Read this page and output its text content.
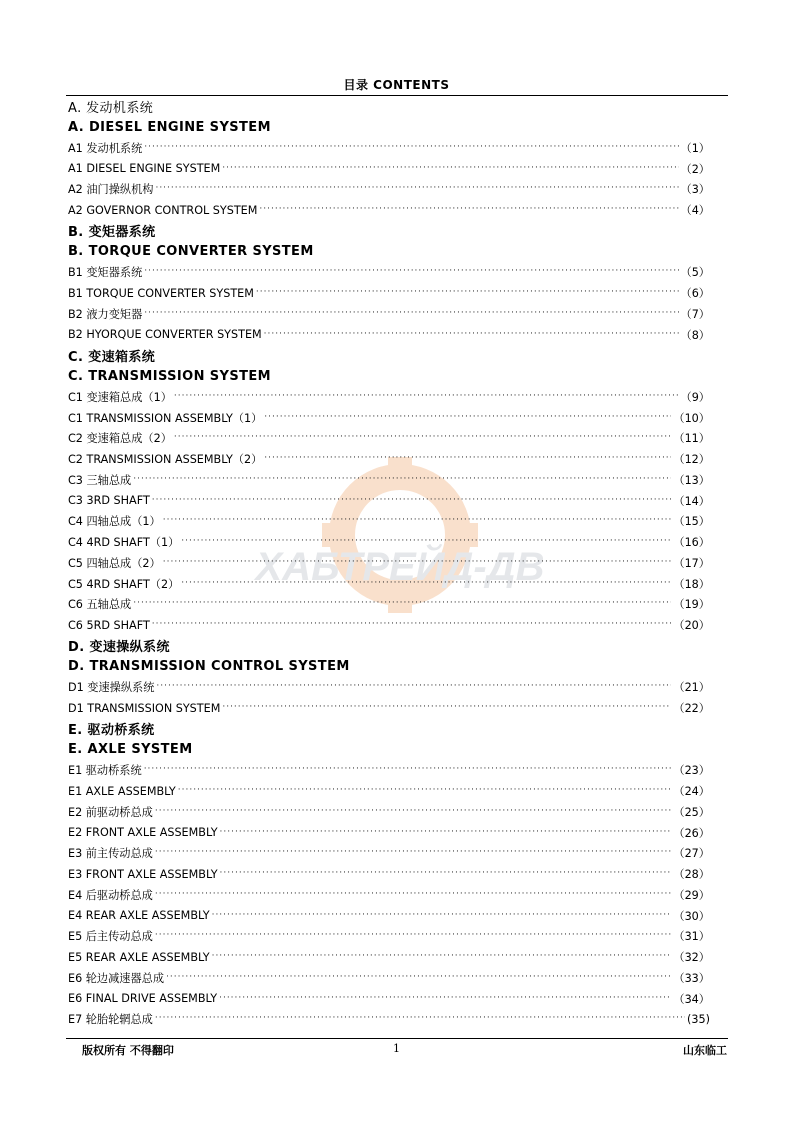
目录 CONTENTS
ХАБТРЕЙД-ДВ
A. 发动机系统
A. DIESEL ENGINE SYSTEM
A1 发动机系统 ·····	（1）
A1 DIESEL ENGINE SYSTEM ·····	（2）
A2 油门操纵机构 ·····	（3）
A2 GOVERNOR CONTROL SYSTEM ·····	（4）
B. 变矩器系统
B. TORQUE CONVERTER SYSTEM
B1 变矩器系统 ·····	（5）
B1 TORQUE CONVERTER SYSTEM ·····	（6）
B2 液力变矩器 ·····	（7）
B2 HYORQUE CONVERTER SYSTEM ·····	（8）
C. 变速箱系统
C. TRANSMISSION SYSTEM
C1 变速箱总成（1） ·····	（9）
C1 TRANSMISSION ASSEMBLY（1） ·····	（10）
C2 变速箱总成（2） ·····	（11）
C2 TRANSMISSION ASSEMBLY（2） ·····	（12）
C3 三轴总成 ·····	（13）
C3 3RD SHAFT ·····	（14）
C4 四轴总成（1） ·····	（15）
C4 4RD SHAFT（1） ·····	（16）
C5 四轴总成（2） ·····	（17）
C5 4RD SHAFT（2） ·····	（18）
C6 五轴总成 ·····	（19）
C6 5RD SHAFT ·····	（20）
D. 变速操纵系统
D. TRANSMISSION CONTROL SYSTEM
D1 变速操纵系统 ·····	（21）
D1 TRANSMISSION SYSTEM ·····	（22）
E. 驱动桥系统
E. AXLE SYSTEM
E1 驱动桥系统 ·····	（23）
E1 AXLE ASSEMBLY ·····	（24）
E2 前驱动桥总成 ·····	（25）
E2 FRONT AXLE ASSEMBLY ·····	（26）
E3 前主传动总成 ·····	（27）
E3 FRONT AXLE ASSEMBLY ·····	（28）
E4 后驱动桥总成 ·····	（29）
E4 REAR AXLE ASSEMBLY ·····	（30）
E5 后主传动总成 ·····	（31）
E5 REAR AXLE ASSEMBLY ·····	（32）
E6 轮边减速器总成 ·····	（33）
E6 FINAL DRIVE ASSEMBLY ·····	（34）
E7 轮胎轮辋总成 ·····	(35)
版权所有 不得翻印	1	山东临工
